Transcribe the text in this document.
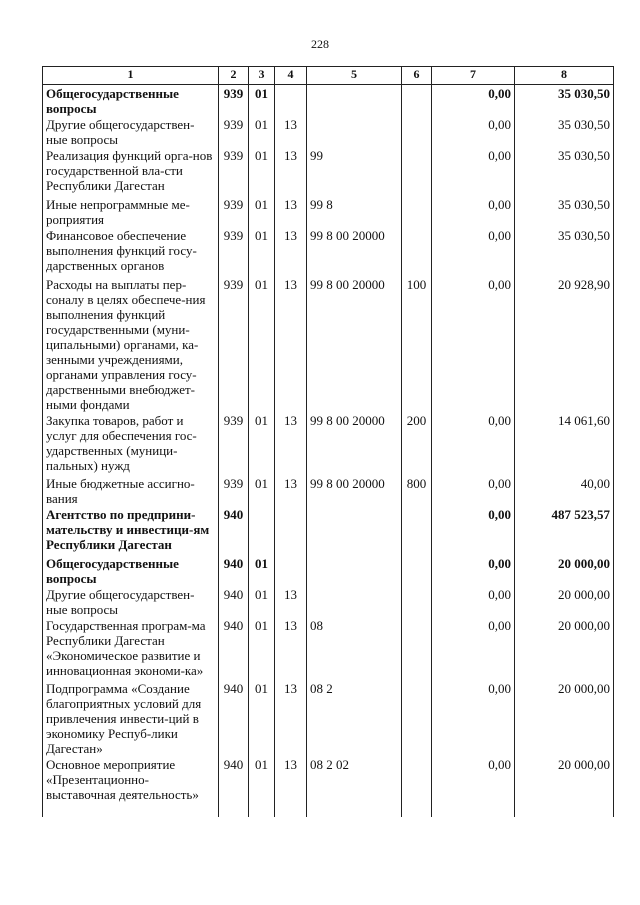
228
1	2	3	4	5	6	7	8
Общегосударственные вопросы	939	01				0,00	35 030,50
Другие общегосударствен-ные вопросы	939	01	13			0,00	35 030,50
Реализация функций орга-нов государственной вла-сти Республики Дагестан	939	01	13	99		0,00	35 030,50
Иные непрограммные ме-роприятия	939	01	13	99 8		0,00	35 030,50
Финансовое обеспечение выполнения функций госу-дарственных органов	939	01	13	99 8 00 20000		0,00	35 030,50
Расходы на выплаты пер-соналу в целях обеспече-ния выполнения функций государственными (муни-ципальными) органами, ка-зенными учреждениями, органами управления госу-дарственными внебюджет-ными фондами	939	01	13	99 8 00 20000	100	0,00	20 928,90
Закупка товаров, работ и услуг для обеспечения гос-ударственных (муници-пальных) нужд	939	01	13	99 8 00 20000	200	0,00	14 061,60
Иные бюджетные ассигно-вания	939	01	13	99 8 00 20000	800	0,00	40,00
Агентство по предприни-мательству и инвестици-ям Республики Дагестан	940					0,00	487 523,57
Общегосударственные вопросы	940	01				0,00	20 000,00
Другие общегосударствен-ные вопросы	940	01	13			0,00	20 000,00
Государственная програм-ма Республики Дагестан «Экономическое развитие и инновационная экономи-ка»	940	01	13	08		0,00	20 000,00
Подпрограмма «Создание благоприятных условий для привлечения инвести-ций в экономику Респуб-лики Дагестан»	940	01	13	08 2		0,00	20 000,00
Основное мероприятие «Презентационно-выставочная деятельность»	940	01	13	08 2 02		0,00	20 000,00
